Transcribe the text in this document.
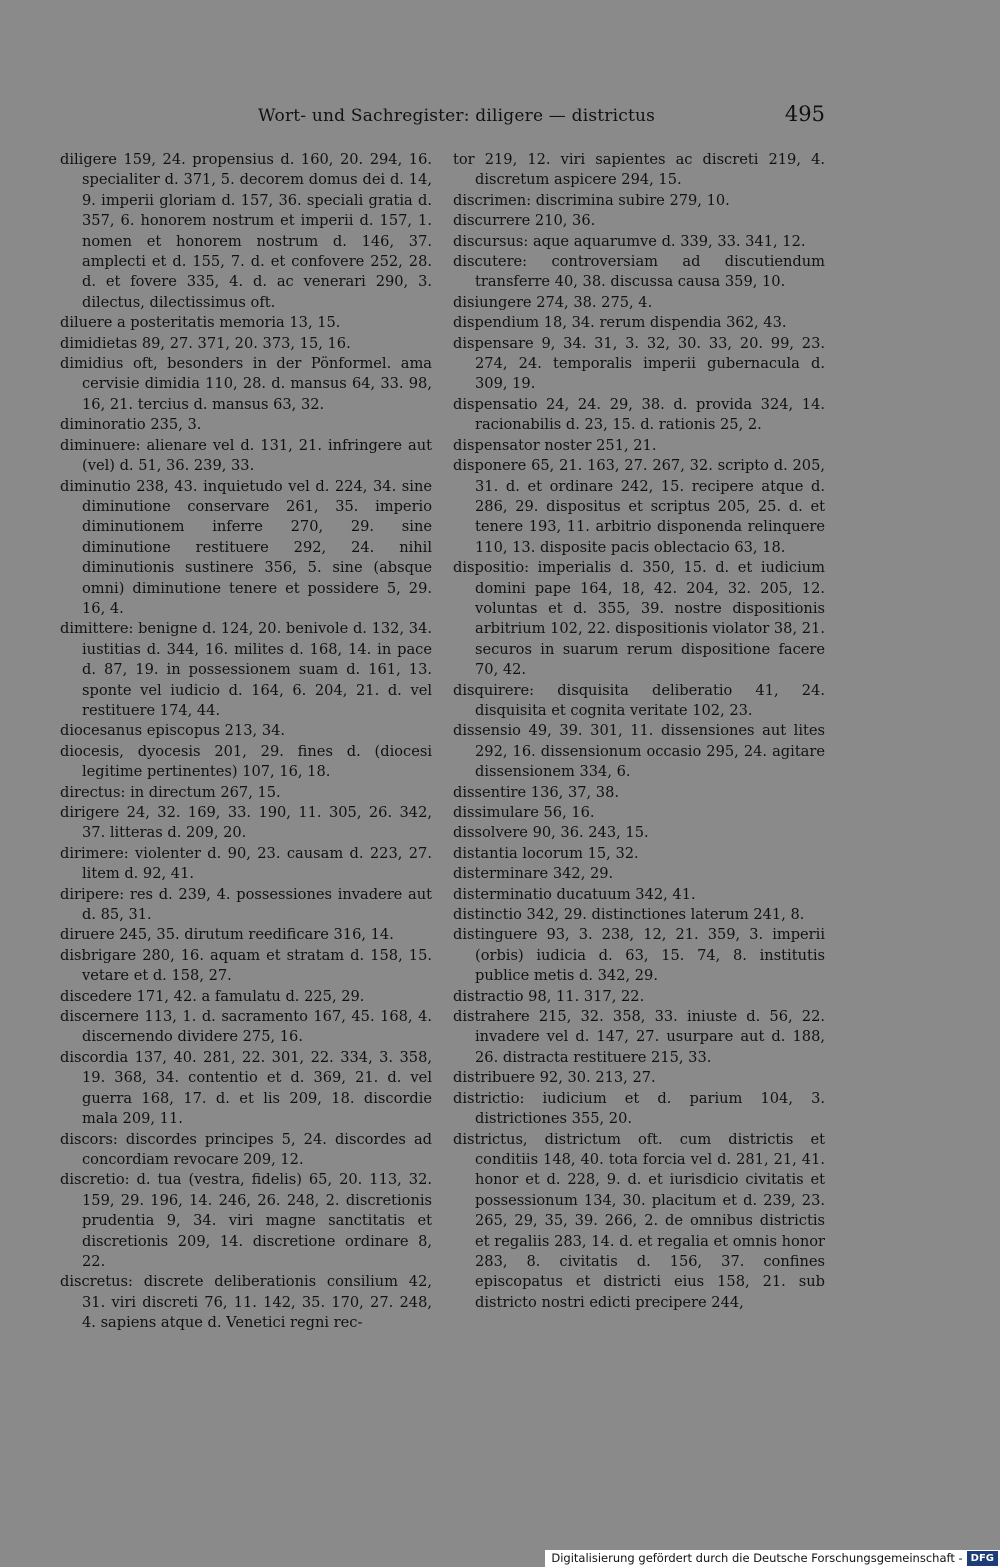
Wort- und Sachregister: diligere — districtus	495
diligere 159, 24. propensius d. 160, 20. 294, 16. specialiter d. 371, 5. decorem domus dei d. 14, 9. imperii gloriam d. 157, 36. speciali gratia d. 357, 6. honorem nostrum et imperii d. 157, 1. nomen et honorem nostrum d. 146, 37. amplecti et d. 155, 7. d. et confovere 252, 28. d. et fovere 335, 4. d. ac venerari 290, 3. dilectus, dilectissimus oft.
diluere a posteritatis memoria 13, 15.
dimidietas 89, 27. 371, 20. 373, 15, 16.
dimidius oft, besonders in der Pönformel. ama cervisie dimidia 110, 28. d. mansus 64, 33. 98, 16, 21. tercius d. mansus 63, 32.
diminoratio 235, 3.
diminuere: alienare vel d. 131, 21. infringere aut (vel) d. 51, 36. 239, 33.
diminutio 238, 43. inquietudo vel d. 224, 34. sine diminutione conservare 261, 35. imperio diminutionem inferre 270, 29. sine diminutione restituere 292, 24. nihil diminutionis sustinere 356, 5. sine (absque omni) diminutione tenere et possidere 5, 29. 16, 4.
dimittere: benigne d. 124, 20. benivole d. 132, 34. iustitias d. 344, 16. milites d. 168, 14. in pace d. 87, 19. in possessionem suam d. 161, 13. sponte vel iudicio d. 164, 6. 204, 21. d. vel restituere 174, 44.
diocesanus episcopus 213, 34.
diocesis, dyocesis 201, 29. fines d. (diocesi legitime pertinentes) 107, 16, 18.
directus: in directum 267, 15.
dirigere 24, 32. 169, 33. 190, 11. 305, 26. 342, 37. litteras d. 209, 20.
dirimere: violenter d. 90, 23. causam d. 223, 27. litem d. 92, 41.
diripere: res d. 239, 4. possessiones invadere aut d. 85, 31.
diruere 245, 35. dirutum reedificare 316, 14.
disbrigare 280, 16. aquam et stratam d. 158, 15. vetare et d. 158, 27.
discedere 171, 42. a famulatu d. 225, 29.
discernere 113, 1. d. sacramento 167, 45. 168, 4. discernendo dividere 275, 16.
discordia 137, 40. 281, 22. 301, 22. 334, 3. 358, 19. 368, 34. contentio et d. 369, 21. d. vel guerra 168, 17. d. et lis 209, 18. discordie mala 209, 11.
discors: discordes principes 5, 24. discordes ad concordiam revocare 209, 12.
discretio: d. tua (vestra, fidelis) 65, 20. 113, 32. 159, 29. 196, 14. 246, 26. 248, 2. discretionis prudentia 9, 34. viri magne sanctitatis et discretionis 209, 14. discretione ordinare 8, 22.
discretus: discrete deliberationis consilium 42, 31. viri discreti 76, 11. 142, 35. 170, 27. 248, 4. sapiens atque d. Venetici regni rec-
tor 219, 12. viri sapientes ac discreti 219, 4. discretum aspicere 294, 15.
discrimen: discrimina subire 279, 10.
discurrere 210, 36.
discursus: aque aquarumve d. 339, 33. 341, 12.
discutere: controversiam ad discutiendum transferre 40, 38. discussa causa 359, 10.
disiungere 274, 38. 275, 4.
dispendium 18, 34. rerum dispendia 362, 43.
dispensare 9, 34. 31, 3. 32, 30. 33, 20. 99, 23. 274, 24. temporalis imperii gubernacula d. 309, 19.
dispensatio 24, 24. 29, 38. d. provida 324, 14. racionabilis d. 23, 15. d. rationis 25, 2.
dispensator noster 251, 21.
disponere 65, 21. 163, 27. 267, 32. scripto d. 205, 31. d. et ordinare 242, 15. recipere atque d. 286, 29. dispositus et scriptus 205, 25. d. et tenere 193, 11. arbitrio disponenda relinquere 110, 13. disposite pacis oblectacio 63, 18.
dispositio: imperialis d. 350, 15. d. et iudicium domini pape 164, 18, 42. 204, 32. 205, 12. voluntas et d. 355, 39. nostre dispositionis arbitrium 102, 22. dispositionis violator 38, 21. securos in suarum rerum dispositione facere 70, 42.
disquirere: disquisita deliberatio 41, 24. disquisita et cognita veritate 102, 23.
dissensio 49, 39. 301, 11. dissensiones aut lites 292, 16. dissensionum occasio 295, 24. agitare dissensionem 334, 6.
dissentire 136, 37, 38.
dissimulare 56, 16.
dissolvere 90, 36. 243, 15.
distantia locorum 15, 32.
disterminare 342, 29.
disterminatio ducatuum 342, 41.
distinctio 342, 29. distinctiones laterum 241, 8.
distinguere 93, 3. 238, 12, 21. 359, 3. imperii (orbis) iudicia d. 63, 15. 74, 8. institutis publice metis d. 342, 29.
distractio 98, 11. 317, 22.
distrahere 215, 32. 358, 33. iniuste d. 56, 22. invadere vel d. 147, 27. usurpare aut d. 188, 26. distracta restituere 215, 33.
distribuere 92, 30. 213, 27.
districtio: iudicium et d. parium 104, 3. districtiones 355, 20.
districtus, districtum oft. cum districtis et conditiis 148, 40. tota forcia vel d. 281, 21, 41. honor et d. 228, 9. d. et iurisdicio civitatis et possessionum 134, 30. placitum et d. 239, 23. 265, 29, 35, 39. 266, 2. de omnibus districtis et regaliis 283, 14. d. et regalia et omnis honor 283, 8. civitatis d. 156, 37. confines episcopatus et districti eius 158, 21. sub districto nostri edicti precipere 244,
Digitalisierung gefördert durch die Deutsche Forschungsgemeinschaft - DFG
